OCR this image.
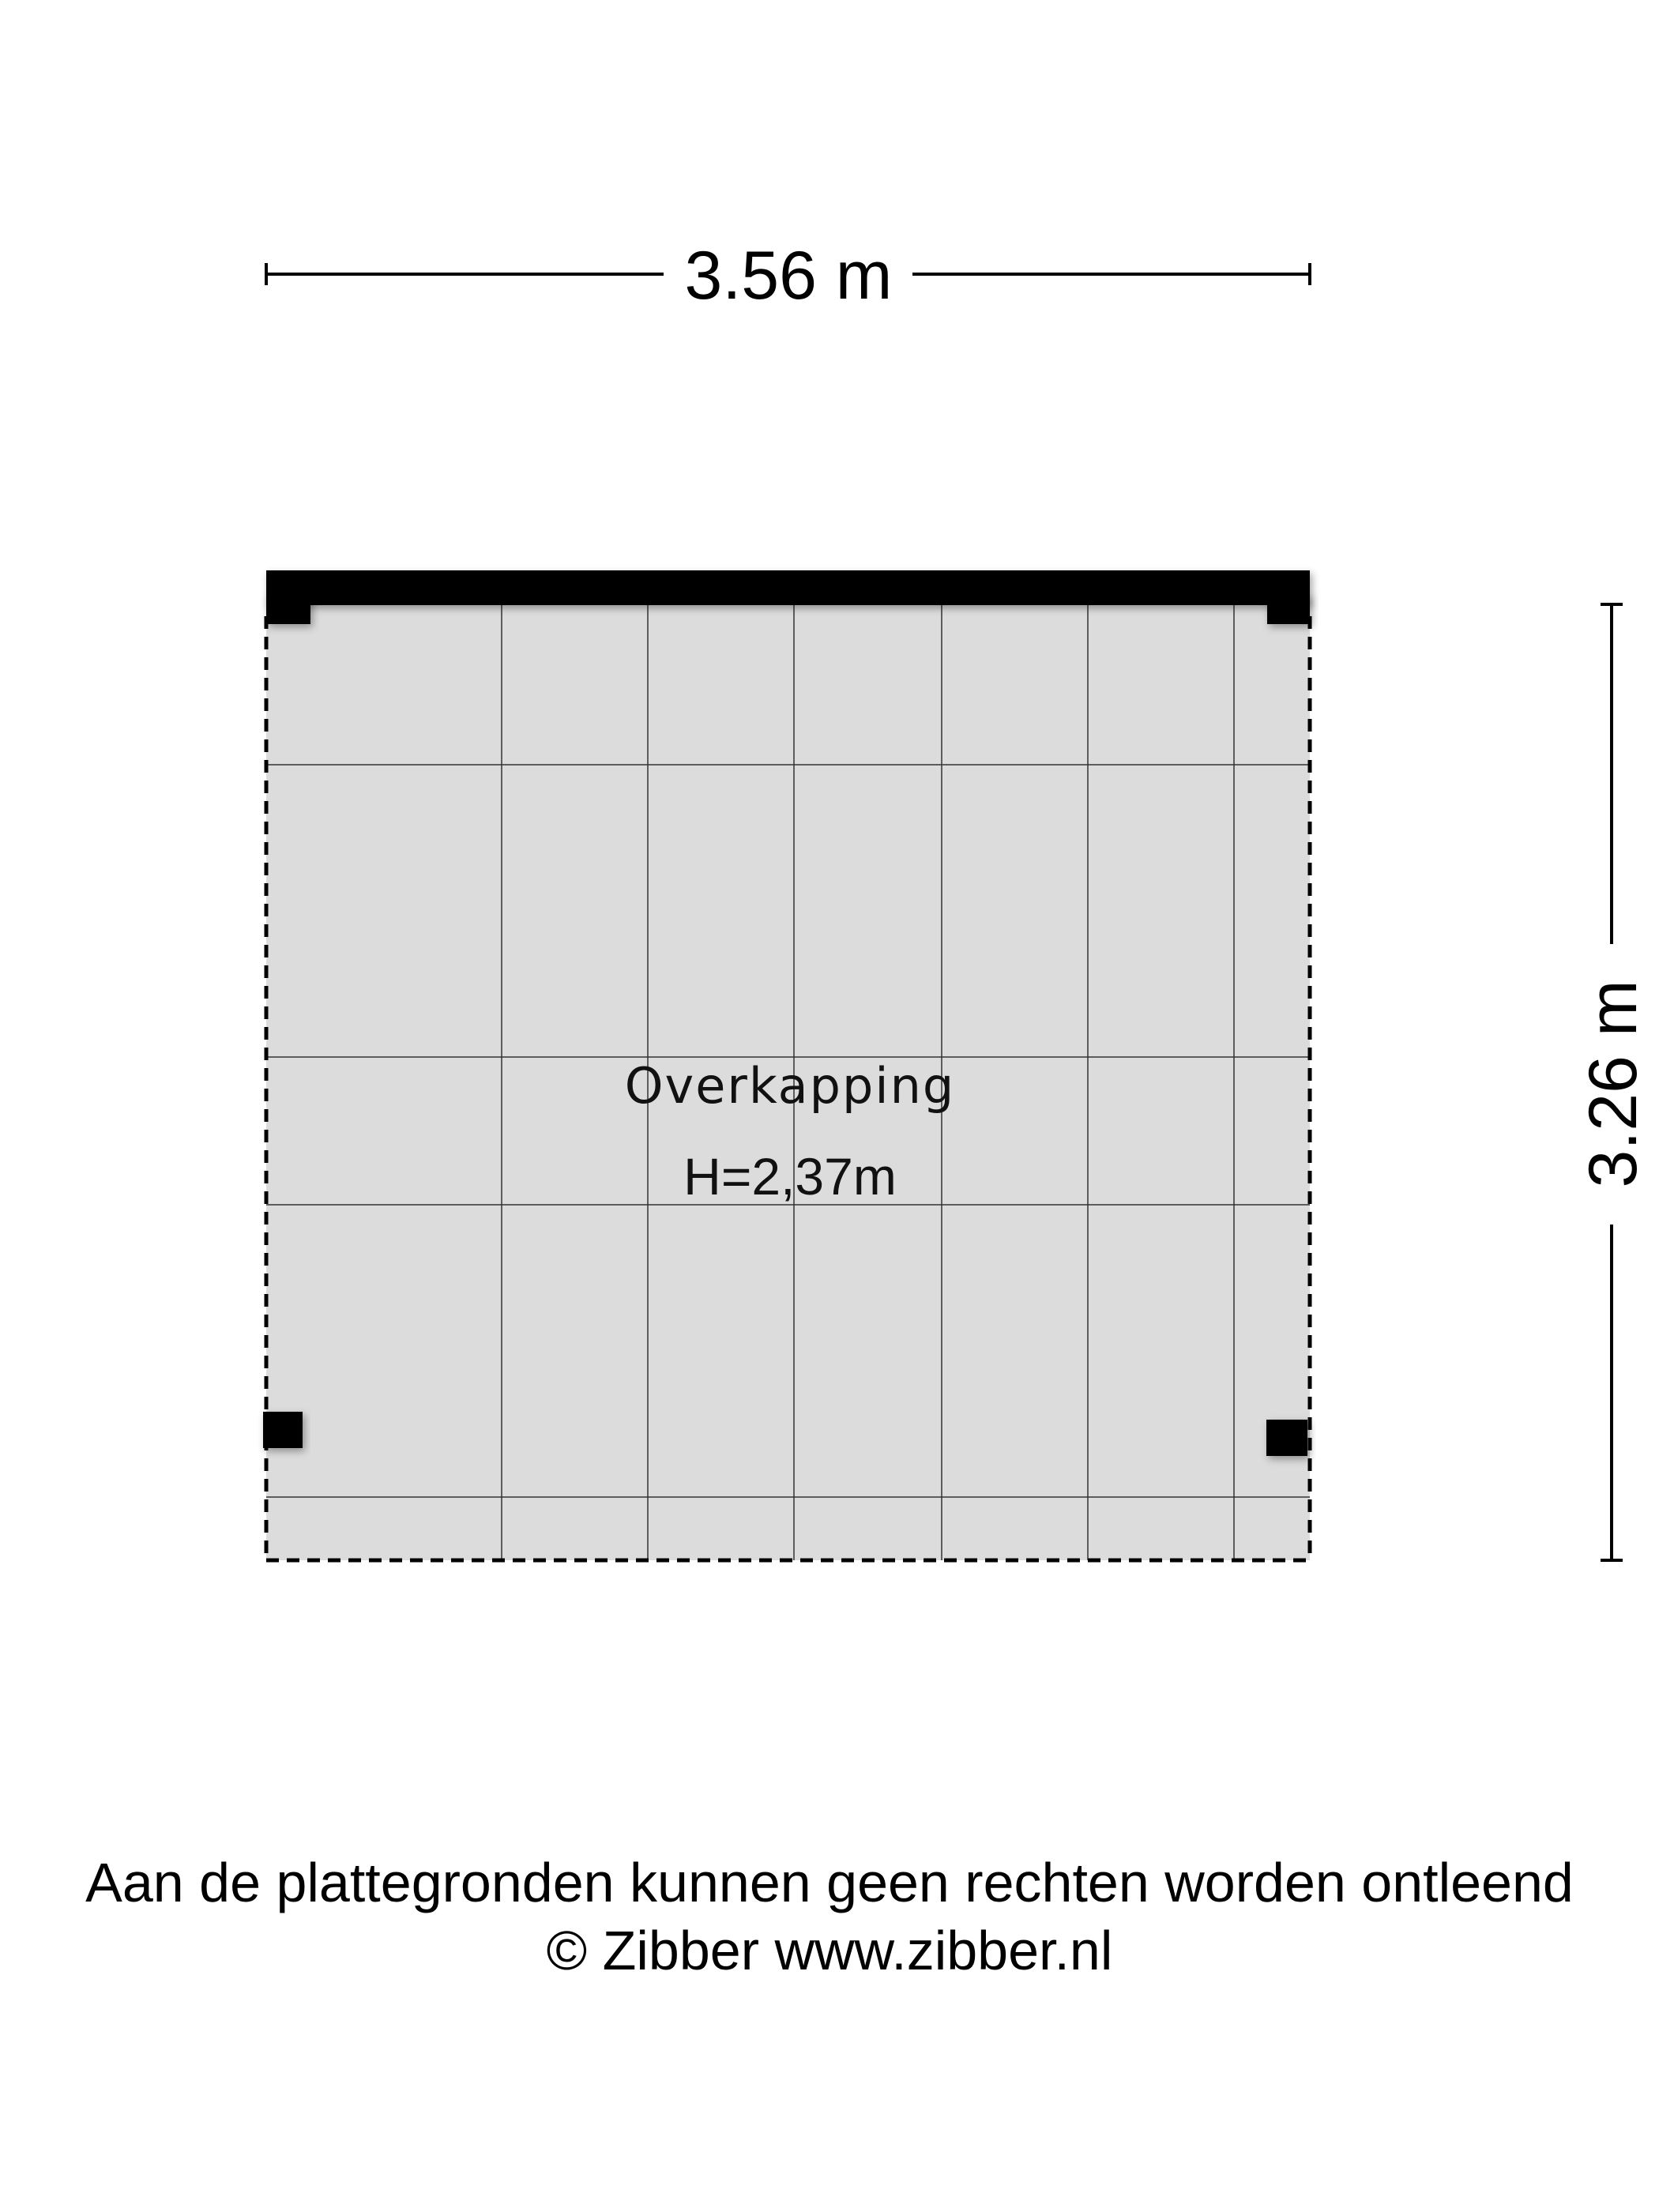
3.56 m
3.26 m
Overkapping
H=2,37m
Aan de plattegronden kunnen geen rechten worden ontleend
© Zibber www.zibber.nl
